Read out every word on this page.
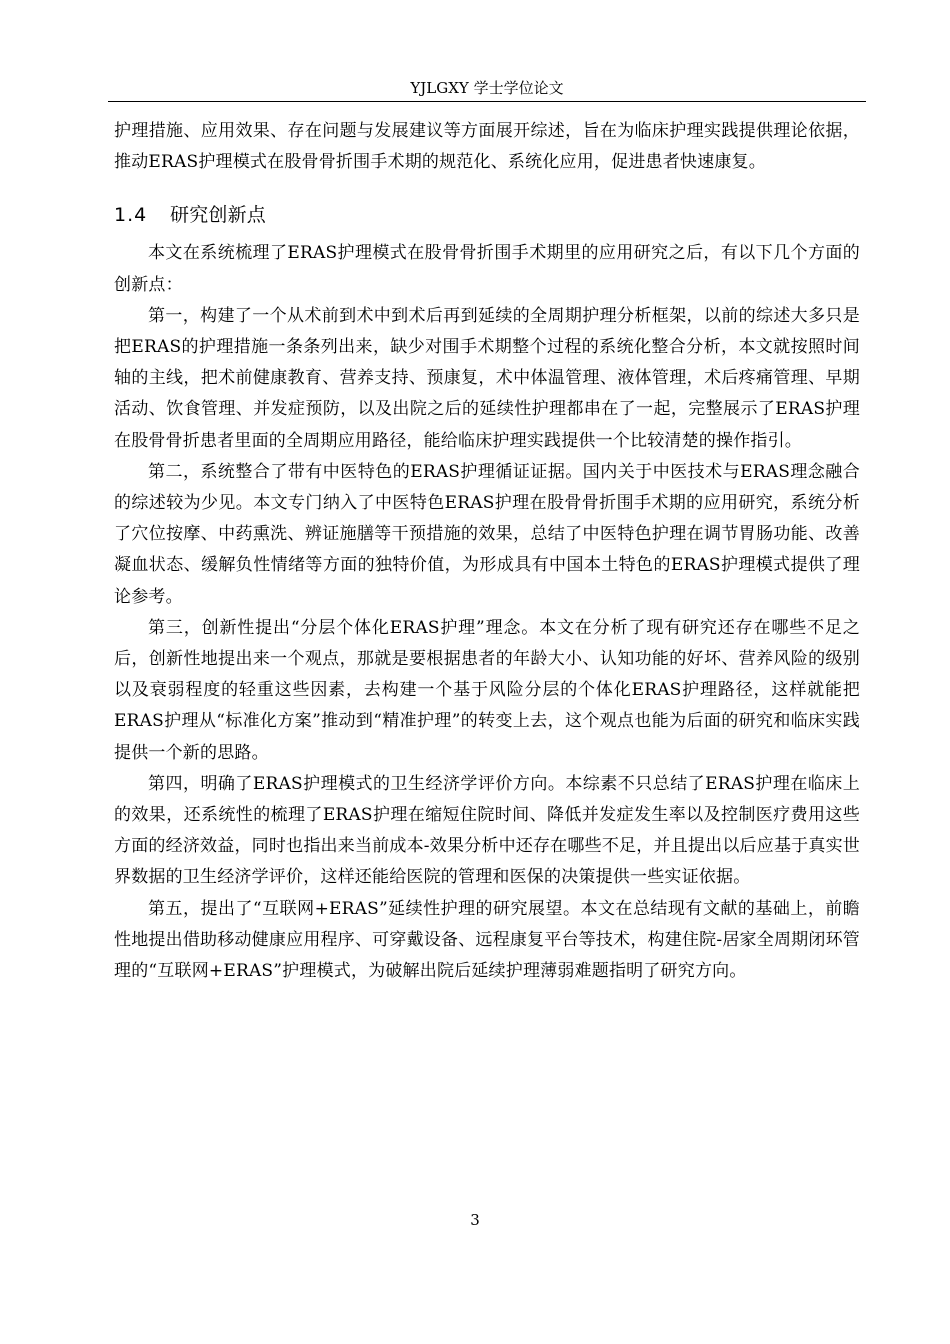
YJLGXY 学士学位论文

护理措施、应用效果、存在问题与发展建议等方面展开综述，旨在为临床护理实践提供理论依据，推动ERAS护理模式在股骨骨折围手术期的规范化、系统化应用，促进患者快速康复。

1.4 研究创新点

本文在系统梳理了ERAS护理模式在股骨骨折围手术期里的应用研究之后，有以下几个方面的创新点：

第一，构建了一个从术前到术中到术后再到延续的全周期护理分析框架，以前的综述大多只是把ERAS的护理措施一条条列出来，缺少对围手术期整个过程的系统化整合分析，本文就按照时间轴的主线，把术前健康教育、营养支持、预康复，术中体温管理、液体管理，术后疼痛管理、早期活动、饮食管理、并发症预防，以及出院之后的延续性护理都串在了一起，完整展示了ERAS护理在股骨骨折患者里面的全周期应用路径，能给临床护理实践提供一个比较清楚的操作指引。

第二，系统整合了带有中医特色的ERAS护理循证证据。国内关于中医技术与ERAS理念融合的综述较为少见。本文专门纳入了中医特色ERAS护理在股骨骨折围手术期的应用研究，系统分析了穴位按摩、中药熏洗、辨证施膳等干预措施的效果，总结了中医特色护理在调节胃肠功能、改善凝血状态、缓解负性情绪等方面的独特价值，为形成具有中国本土特色的ERAS护理模式提供了理论参考。

第三，创新性提出“分层个体化ERAS护理”理念。本文在分析了现有研究还存在哪些不足之后，创新性地提出来一个观点，那就是要根据患者的年龄大小、认知功能的好坏、营养风险的级别以及衰弱程度的轻重这些因素，去构建一个基于风险分层的个体化ERAS护理路径，这样就能把ERAS护理从“标准化方案”推动到“精准护理”的转变上去，这个观点也能为后面的研究和临床实践提供一个新的思路。

第四，明确了ERAS护理模式的卫生经济学评价方向。本综素不只总结了ERAS护理在临床上的效果，还系统性的梳理了ERAS护理在缩短住院时间、降低并发症发生率以及控制医疗费用这些方面的经济效益，同时也指出来当前成本-效果分析中还存在哪些不足，并且提出以后应基于真实世界数据的卫生经济学评价，这样还能给医院的管理和医保的决策提供一些实证依据。

第五，提出了“互联网+ERAS”延续性护理的研究展望。本文在总结现有文献的基础上，前瞻性地提出借助移动健康应用程序、可穿戴设备、远程康复平台等技术，构建住院-居家全周期闭环管理的“互联网+ERAS”护理模式，为破解出院后延续护理薄弱难题指明了研究方向。

3
